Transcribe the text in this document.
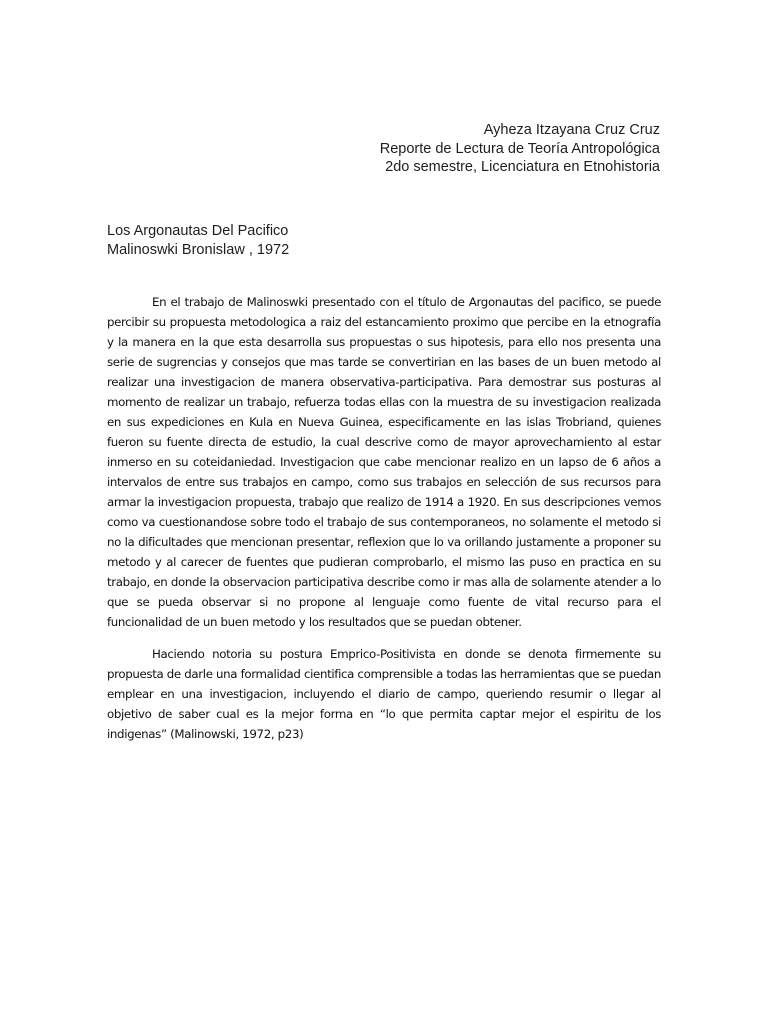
Ayheza Itzayana Cruz Cruz
Reporte de Lectura de Teoría Antropológica
2do semestre, Licenciatura en Etnohistoria
Los Argonautas Del Pacifico
Malinoswki Bronislaw , 1972

En el trabajo de Malinoswki presentado con el título de Argonautas del pacifico, se puede percibir su propuesta metodologica a raiz del estancamiento proximo que percibe en la etnografía y la manera en la que esta desarrolla sus propuestas o sus hipotesis, para ello nos presenta una serie de sugrencias y consejos que mas tarde se convertirian en las bases de un buen metodo al realizar una investigacion de manera observativa-participativa. Para demostrar sus posturas al momento de realizar un trabajo, refuerza todas ellas con la muestra de su investigacion realizada en sus expediciones en Kula en Nueva Guinea, especificamente en las islas Trobriand, quienes fueron su fuente directa de estudio, la cual descrive como de mayor aprovechamiento al estar inmerso en su coteidaniedad. Investigacion que cabe mencionar realizo en un lapso de 6 años a intervalos de entre sus trabajos en campo, como sus trabajos en selección de sus recursos para armar la investigacion propuesta, trabajo que realizo de 1914 a 1920. En sus descripciones vemos como va cuestionandose sobre todo el trabajo de sus contemporaneos, no solamente el metodo si no la dificultades que mencionan presentar, reflexion que lo va orillando justamente a proponer su metodo y al carecer de fuentes que pudieran comprobarlo, el mismo las puso en practica en su trabajo, en donde la observacion participativa describe como ir mas alla de solamente atender a lo que se pueda observar si no propone al lenguaje como fuente de vital recurso para el funcionalidad de un buen metodo y los resultados que se puedan obtener.

Haciendo notoria su postura Emprico-Positivista en donde se denota firmemente su propuesta de darle una formalidad cientifica comprensible a todas las herramientas que se puedan emplear en una investigacion, incluyendo el diario de campo, queriendo resumir o llegar al objetivo de saber cual es la mejor forma en “lo que permita captar mejor el espiritu de los indigenas” (Malinowski, 1972, p23)
